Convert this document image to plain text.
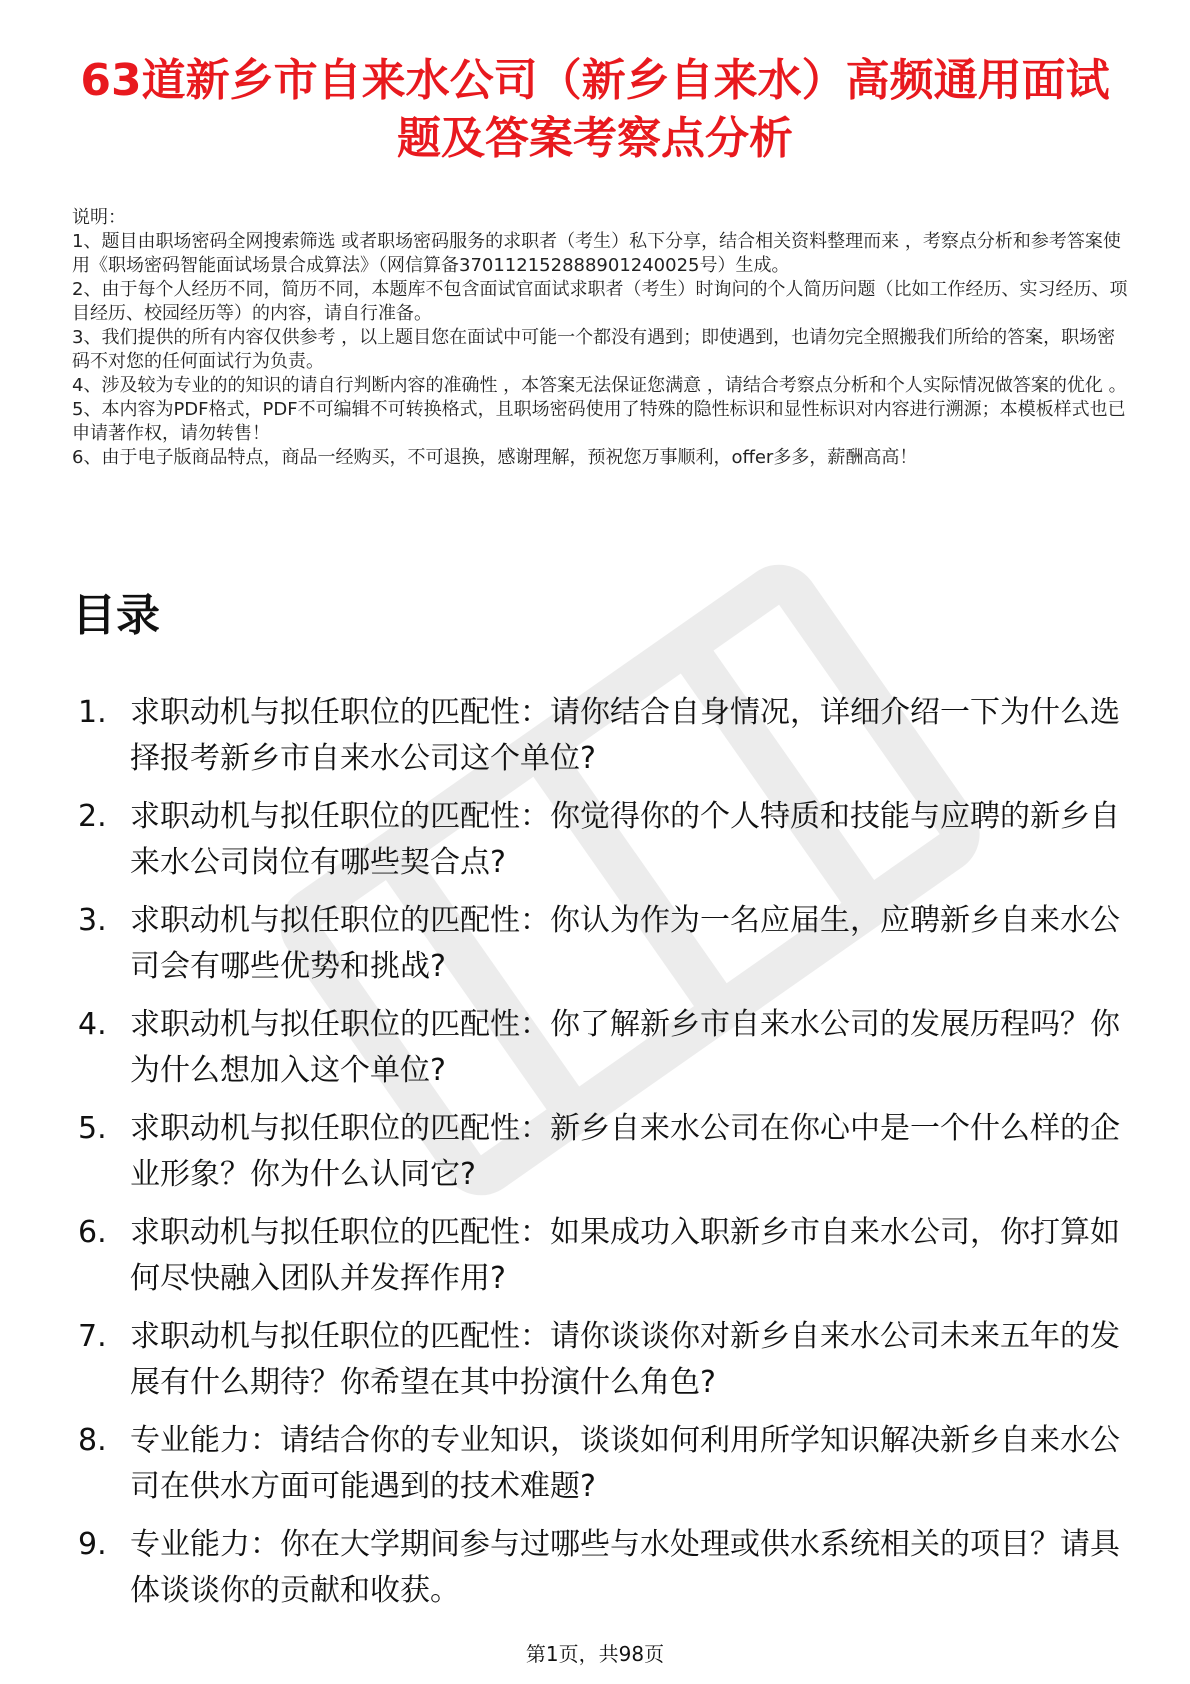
63道新乡市自来水公司（新乡自来水）高频通用面试题及答案考察点分析

说明：

1、题目由职场密码全网搜索筛选 或者职场密码服务的求职者（考生）私下分享，结合相关资料整理而来 ，考察点分析和参考答案使用《职场密码智能面试场景合成算法》（网信算备370112152888901240025号）生成。

2、由于每个人经历不同，简历不同，本题库不包含面试官面试求职者（考生）时询问的个人简历问题（比如工作经历、实习经历、项目经历、校园经历等）的内容，请自行准备。

3、我们提供的所有内容仅供参考 ，以上题目您在面试中可能一个都没有遇到；即使遇到，也请勿完全照搬我们所给的答案，职场密码不对您的任何面试行为负责。

4、涉及较为专业的的知识的请自行判断内容的准确性 ，本答案无法保证您满意 ，请结合考察点分析和个人实际情况做答案的优化 。

5、本内容为PDF格式，PDF不可编辑不可转换格式，且职场密码使用了特殊的隐性标识和显性标识对内容进行溯源；本模板样式也已申请著作权，请勿转售！

6、由于电子版商品特点，商品一经购买，不可退换，感谢理解，预祝您万事顺利，offer多多，薪酬高高！

目录
1. 求职动机与拟任职位的匹配性：请你结合自身情况，详细介绍一下为什么选择报考新乡市自来水公司这个单位?
2. 求职动机与拟任职位的匹配性：你觉得你的个人特质和技能与应聘的新乡自来水公司岗位有哪些契合点?
3. 求职动机与拟任职位的匹配性：你认为作为一名应届生，应聘新乡自来水公司会有哪些优势和挑战?
4. 求职动机与拟任职位的匹配性：你了解新乡市自来水公司的发展历程吗？你为什么想加入这个单位?
5. 求职动机与拟任职位的匹配性：新乡自来水公司在你心中是一个什么样的企业形象？你为什么认同它?
6. 求职动机与拟任职位的匹配性：如果成功入职新乡市自来水公司，你打算如何尽快融入团队并发挥作用?
7. 求职动机与拟任职位的匹配性：请你谈谈你对新乡自来水公司未来五年的发展有什么期待？你希望在其中扮演什么角色?
8. 专业能力：请结合你的专业知识，谈谈如何利用所学知识解决新乡自来水公司在供水方面可能遇到的技术难题?
9. 专业能力：你在大学期间参与过哪些与水处理或供水系统相关的项目？请具体谈谈你的贡献和收获。
第1页，共98页
